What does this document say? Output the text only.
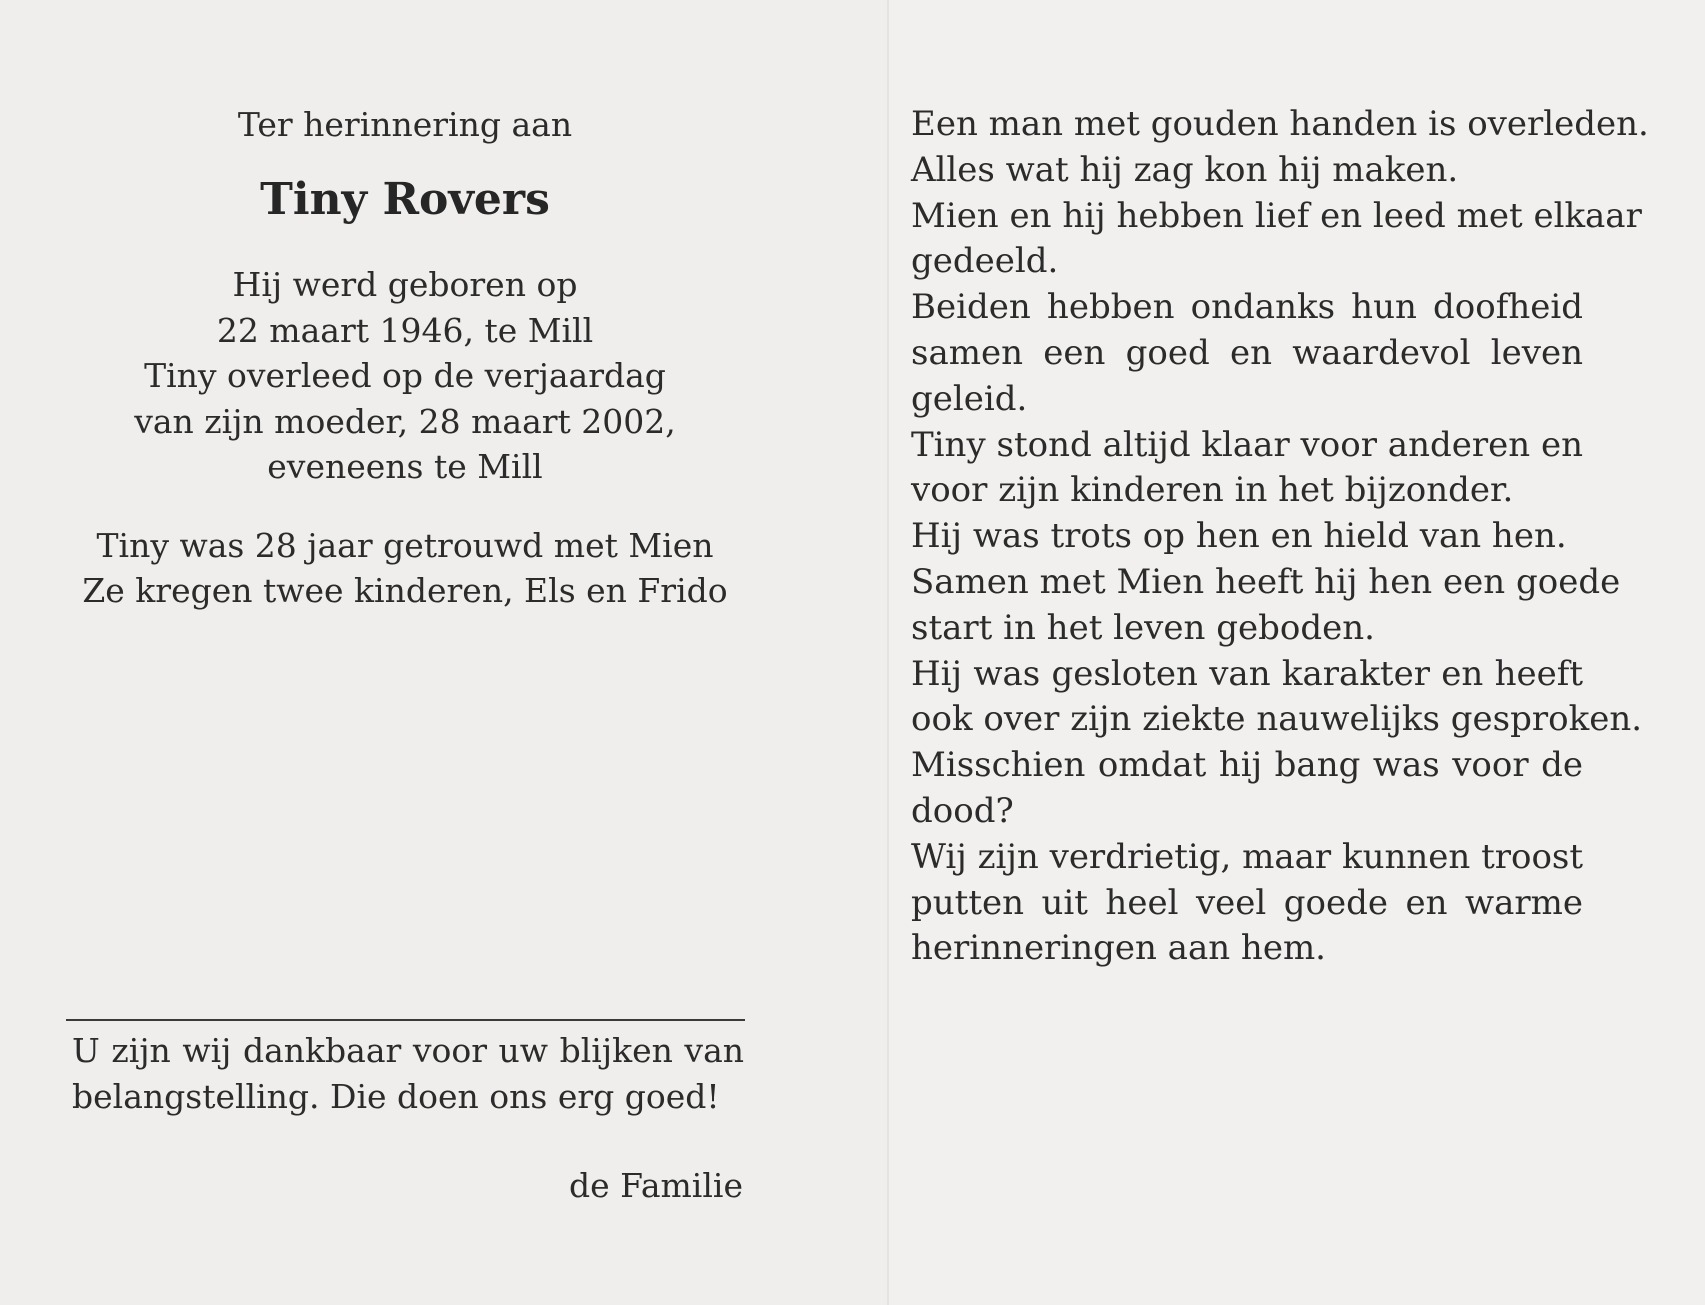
Ter herinnering aan

Tiny Rovers

Hij werd geboren op
22 maart 1946, te Mill
Tiny overleed op de verjaardag
van zijn moeder, 28 maart 2002,
eveneens te Mill
Tiny was 28 jaar getrouwd met Mien
Ze kregen twee kinderen, Els en Frido
U zijn wij dankbaar voor uw blijken van
belangstelling. Die doen ons erg goed!
de Familie
Een man met gouden handen is overleden.
Alles wat hij zag kon hij maken.
Mien en hij hebben lief en leed met elkaar
gedeeld.
Beiden hebben ondanks hun doofheid
samen een goed en waardevol leven
geleid.
Tiny stond altijd klaar voor anderen en
voor zijn kinderen in het bijzonder.
Hij was trots op hen en hield van hen.
Samen met Mien heeft hij hen een goede
start in het leven geboden.
Hij was gesloten van karakter en heeft
ook over zijn ziekte nauwelijks gesproken.
Misschien omdat hij bang was voor de
dood?
Wij zijn verdrietig, maar kunnen troost
putten uit heel veel goede en warme
herinneringen aan hem.
